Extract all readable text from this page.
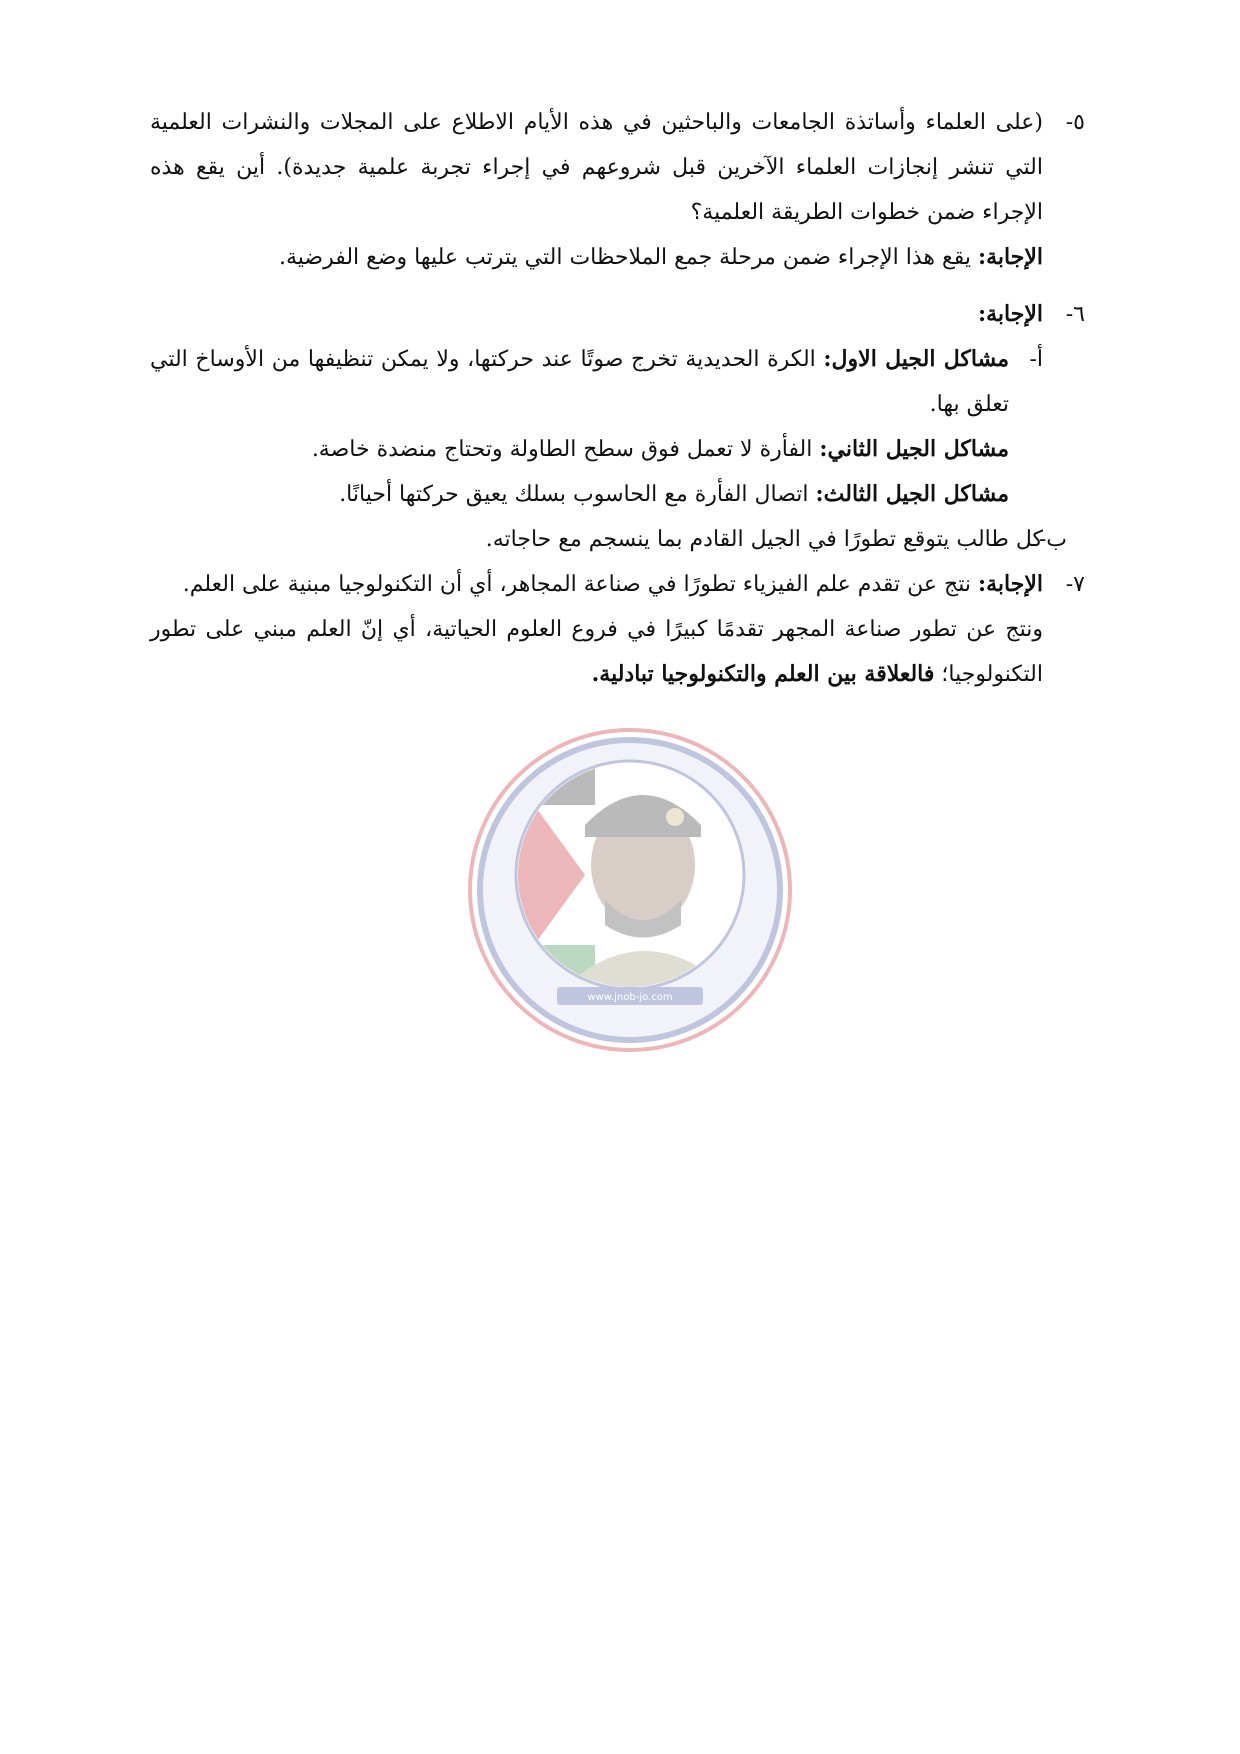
www.jnob-jo.com
٥-

(على العلماء وأساتذة الجامعات والباحثين في هذه الأيام الاطلاع على المجلات والنشرات العلمية التي تنشر إنجازات العلماء الآخرين قبل شروعهم في إجراء تجربة علمية جديدة). أين يقع هذه الإجراء ضمن خطوات الطريقة العلمية؟

الإجابة: يقع هذا الإجراء ضمن مرحلة جمع الملاحظات التي يترتب عليها وضع الفرضية.

٦-

الإجابة:

أ-

مشاكل الجيل الاول: الكرة الحديدية تخرج صوتًا عند حركتها، ولا يمكن تنظيفها من الأوساخ التي تعلق بها.

مشاكل الجيل الثاني: الفأرة لا تعمل فوق سطح الطاولة وتحتاج منضدة خاصة.

مشاكل الجيل الثالث: اتصال الفأرة مع الحاسوب بسلك يعيق حركتها أحيانًا.

ب-

كل طالب يتوقع تطورًا في الجيل القادم بما ينسجم مع حاجاته.

٧-

الإجابة: نتج عن تقدم علم الفيزياء تطورًا في صناعة المجاهر، أي أن التكنولوجيا مبنية على العلم.

ونتج عن تطور صناعة المجهر تقدمًا كبيرًا في فروع العلوم الحياتية، أي إنّ العلم مبني على تطور التكنولوجيا؛ فالعلاقة بين العلم والتكنولوجيا تبادلية.
